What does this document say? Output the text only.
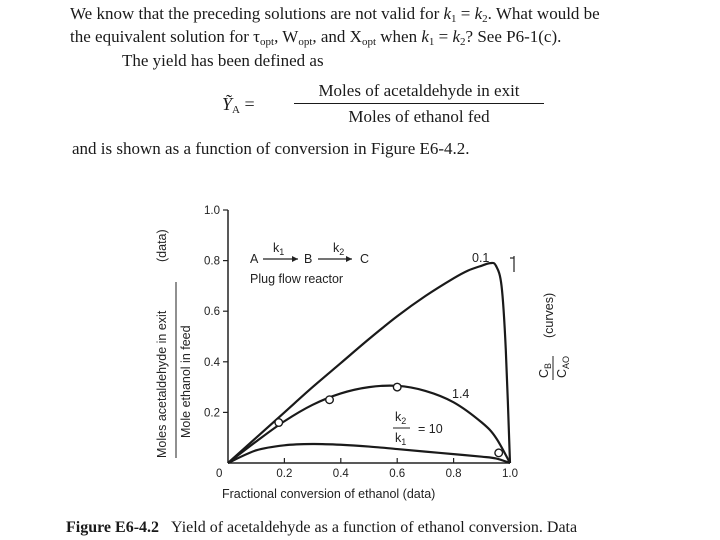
We know that the preceding solutions are not valid for $k_1 = k_2$. What would be
the equivalent solution for $\tau_{opt}$, $W_{opt}$, and $X_{opt}$ when $k_1 = k_2$? See P6-1(c).
The yield has been defined as
Ỹ$_A$ =
Moles of acetaldehyde in exit
Moles of ethanol fed
and is shown as a function of conversion in Figure E6-4.2.
0.2	0.4	0.6	0.8	1.0
0.2
0.4
0.6
0.8
1.0
A
$k_1$ B
$k_2$ C
Plug flow reactor
0.1
1.4
$k_2$
$k_1$
= 10
Moles acetaldehyde in exit Mole ethanol in feed
(data)
$C_B$
$C_{AO}$
(curves)
Fractional conversion of ethanol (data)
0
Figure E6-4.2 Yield of acetaldehyde as a function of ethanol conversion. Data
